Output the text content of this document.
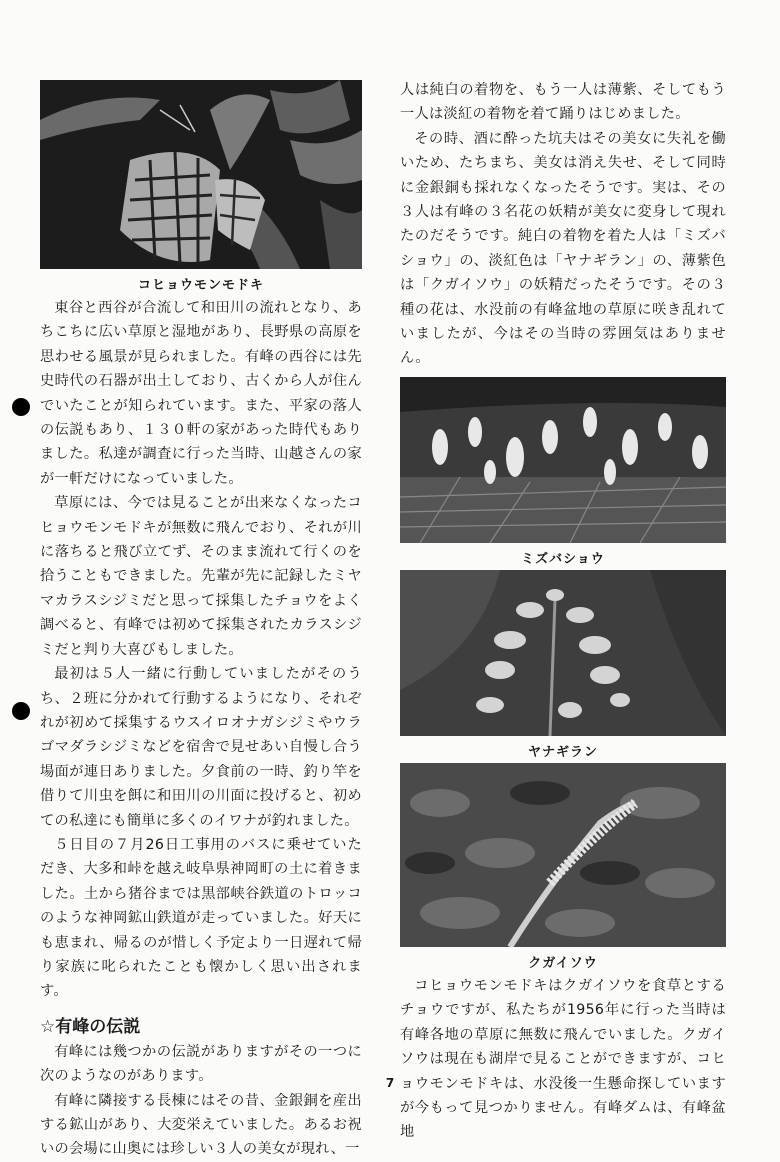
コヒョウモンモドキ

東谷と西谷が合流して和田川の流れとなり、あちこちに広い草原と湿地があり、長野県の高原を思わせる風景が見られました。有峰の西谷には先史時代の石器が出土しており、古くから人が住んでいたことが知られています。また、平家の落人の伝説もあり、１３０軒の家があった時代もありました。私達が調査に行った当時、山越さんの家が一軒だけになっていました。

草原には、今では見ることが出来なくなったコヒョウモンモドキが無数に飛んでおり、それが川に落ちると飛び立てず、そのまま流れて行くのを拾うこともできました。先輩が先に記録したミヤマカラスシジミだと思って採集したチョウをよく調べると、有峰では初めて採集されたカラスシジミだと判り大喜びもしました。

最初は５人一緒に行動していましたがそのうち、２班に分かれて行動するようになり、それぞれが初めて採集するウスイロオナガシジミやウラゴマダラシジミなどを宿舎で見せあい自慢し合う場面が連日ありました。夕食前の一時、釣り竿を借りて川虫を餌に和田川の川面に投げると、初めての私達にも簡単に多くのイワナが釣れました。

５日目の７月26日工事用のバスに乗せていただき、大多和峠を越え岐阜県神岡町の土に着きました。土から猪谷までは黒部峡谷鉄道のトロッコのような神岡鉱山鉄道が走っていました。好天にも恵まれ、帰るのが惜しく予定より一日遅れて帰り家族に叱られたことも懐かしく思い出されます。

☆有峰の伝説

有峰には幾つかの伝説がありますがその一つに次のようなのがあります。

有峰に隣接する長棟にはその昔、金銀銅を産出する鉱山があり、大変栄えていました。あるお祝いの会場に山奥には珍しい３人の美女が現れ、一

人は純白の着物を、もう一人は薄紫、そしてもう一人は淡紅の着物を着て踊りはじめました。

その時、酒に酔った坑夫はその美女に失礼を働いため、たちまち、美女は消え失せ、そして同時に金銀銅も採れなくなったそうです。実は、その３人は有峰の３名花の妖精が美女に変身して現れたのだそうです。純白の着物を着た人は「ミズバショウ」の、淡紅色は「ヤナギラン」の、薄紫色は「クガイソウ」の妖精だったそうです。その３種の花は、水没前の有峰盆地の草原に咲き乱れていましたが、今はその当時の雰囲気はありません。

ミズバショウ
ヤナギラン
クガイソウ

コヒョウモンモドキはクガイソウを食草とするチョウですが、私たちが1956年に行った当時は有峰各地の草原に無数に飛んでいました。クガイソウは現在も湖岸で見ることができますが、コヒョウモンモドキは、水没後一生懸命探していますが今もって見つかりません。有峰ダムは、有峰盆地

7
